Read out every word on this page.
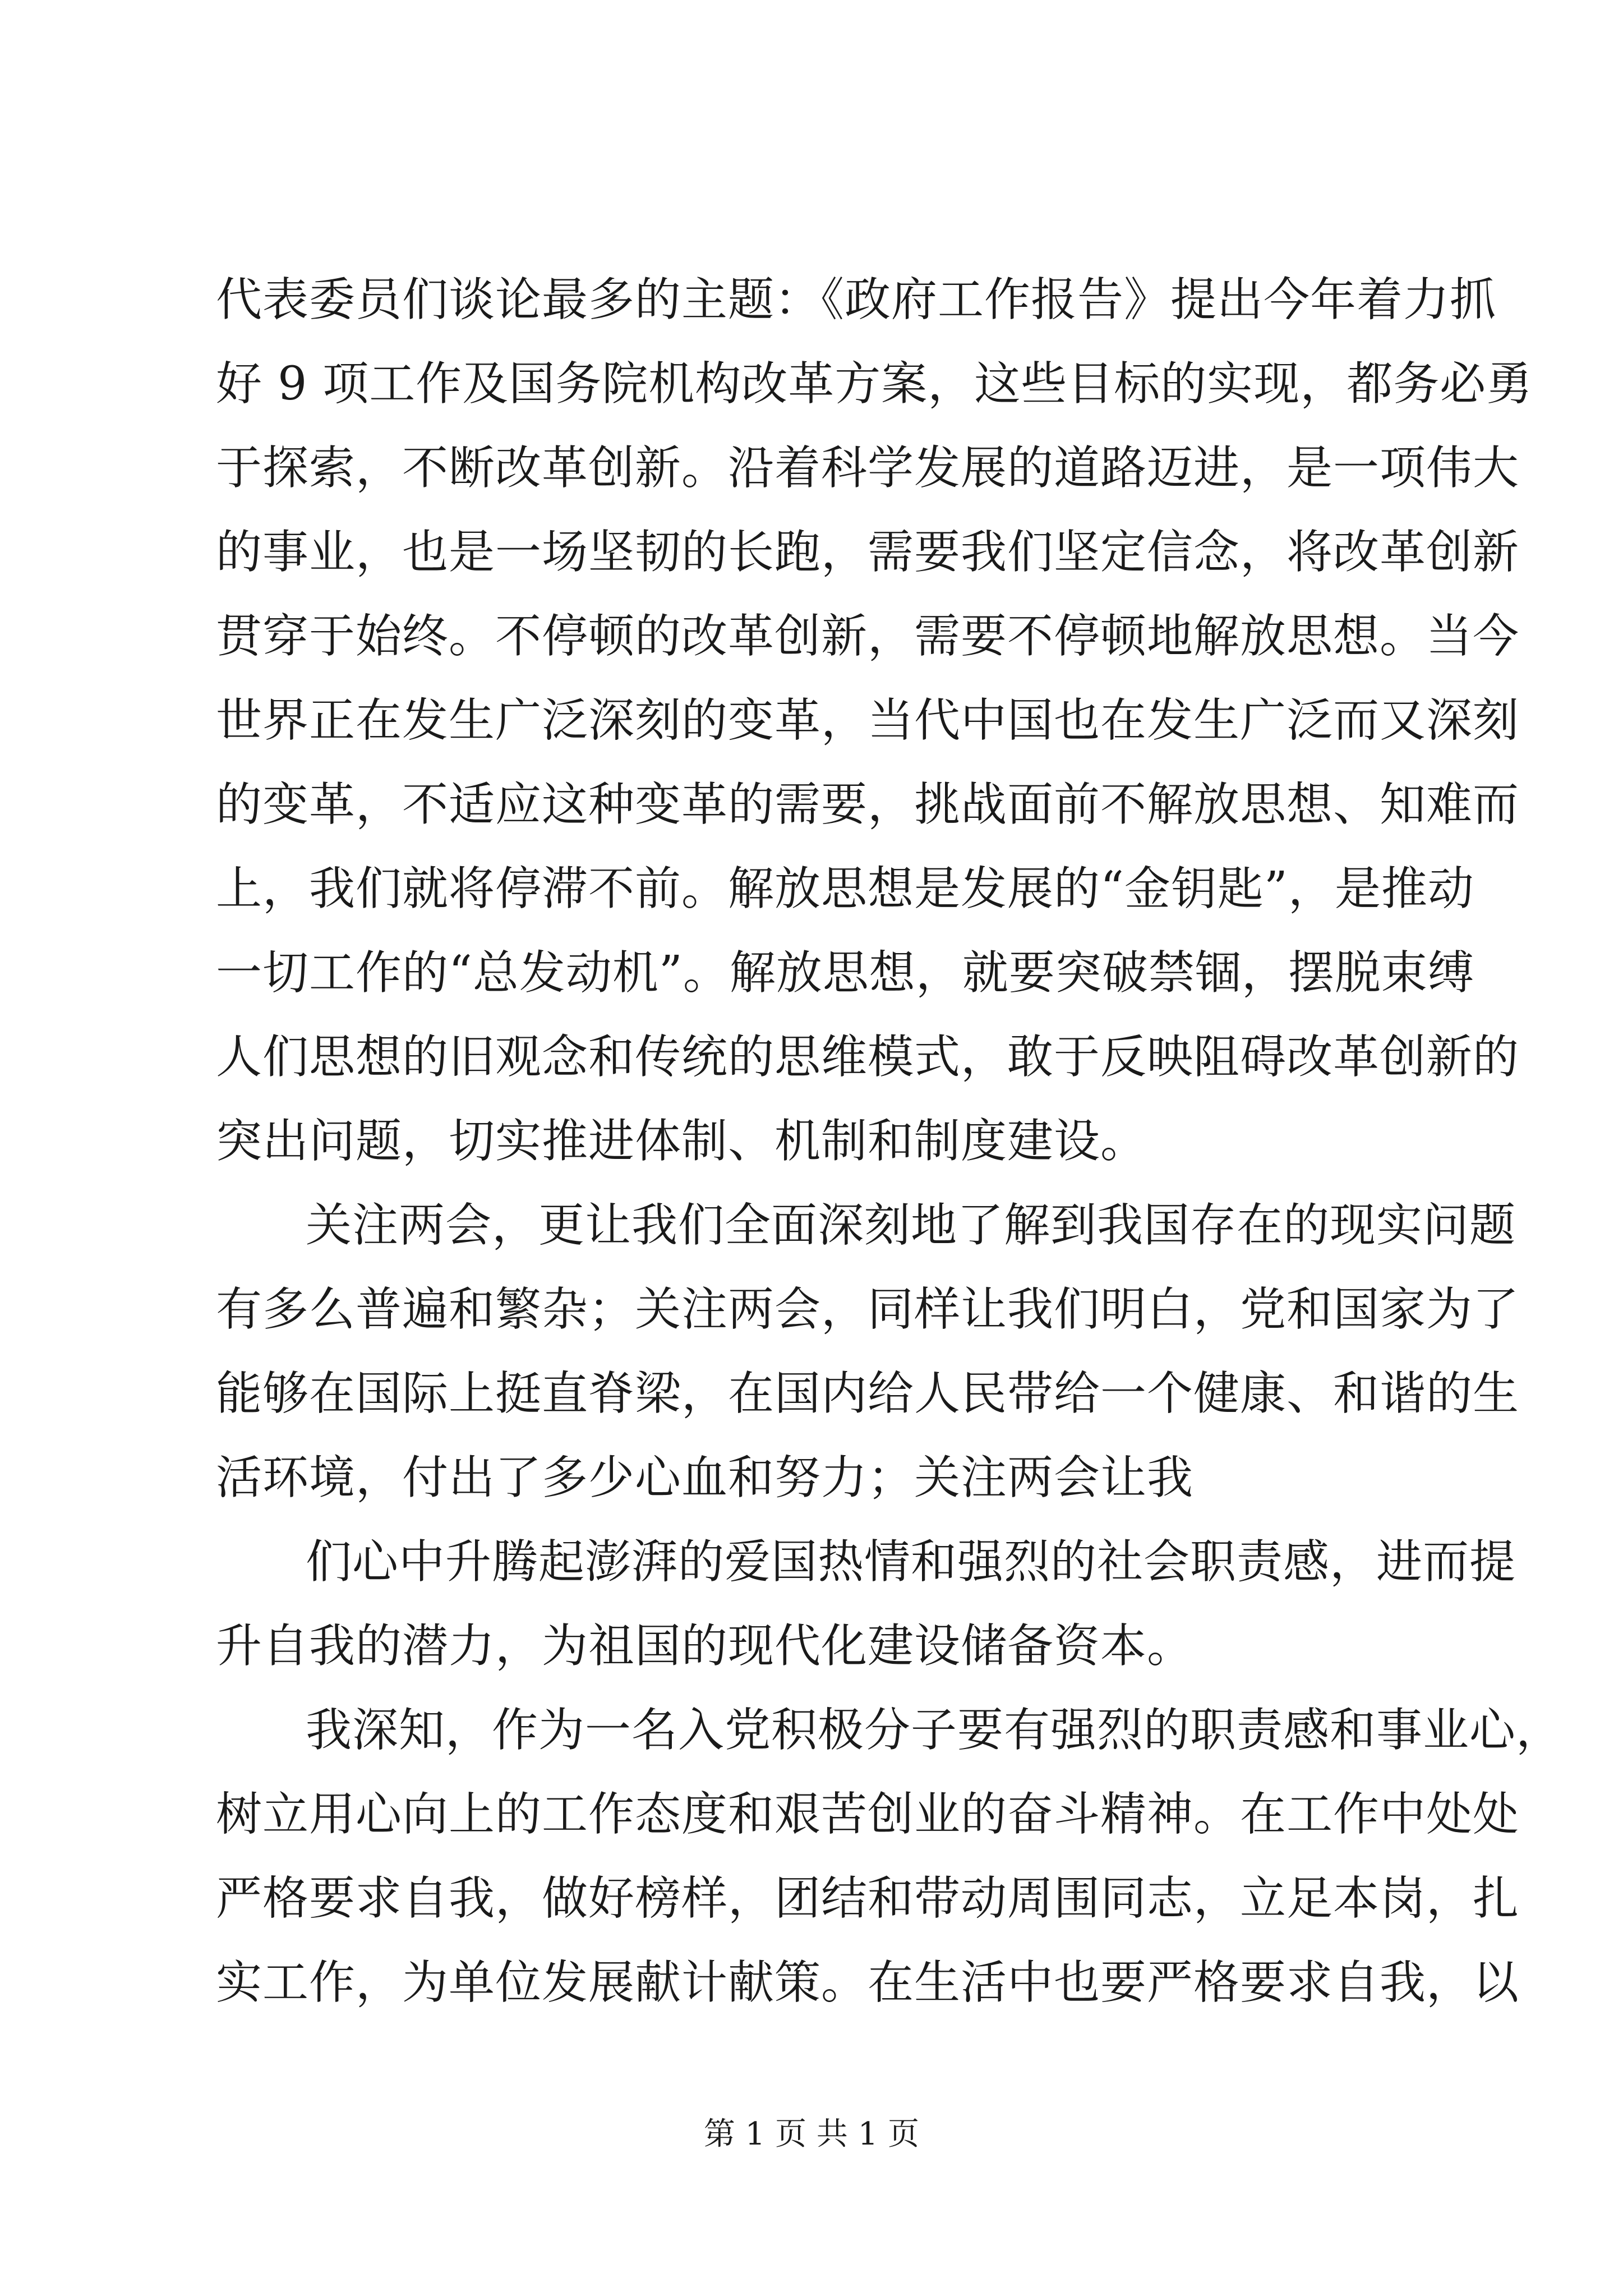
代表委员们谈论最多的主题：《政府工作报告》提出今年着力抓
好 9 项工作及国务院机构改革方案，这些目标的实现，都务必勇
于探索，不断改革创新。沿着科学发展的道路迈进，是一项伟大
的事业，也是一场坚韧的长跑，需要我们坚定信念，将改革创新
贯穿于始终。不停顿的改革创新，需要不停顿地解放思想。当今
世界正在发生广泛深刻的变革，当代中国也在发生广泛而又深刻
的变革，不适应这种变革的需要，挑战面前不解放思想、知难而
上，我们就将停滞不前。解放思想是发展的“金钥匙”，是推动
一切工作的“总发动机”。解放思想，就要突破禁锢，摆脱束缚
人们思想的旧观念和传统的思维模式，敢于反映阻碍改革创新的
突出问题，切实推进体制、机制和制度建设。
关注两会，更让我们全面深刻地了解到我国存在的现实问题
有多么普遍和繁杂；关注两会，同样让我们明白，党和国家为了
能够在国际上挺直脊梁，在国内给人民带给一个健康、和谐的生
活环境，付出了多少心血和努力；关注两会让我
们心中升腾起澎湃的爱国热情和强烈的社会职责感，进而提
升自我的潜力，为祖国的现代化建设储备资本。
我深知，作为一名入党积极分子要有强烈的职责感和事业心，
树立用心向上的工作态度和艰苦创业的奋斗精神。在工作中处处
严格要求自我，做好榜样，团结和带动周围同志，立足本岗，扎
实工作，为单位发展献计献策。在生活中也要严格要求自我，以
第 1 页 共 1 页
